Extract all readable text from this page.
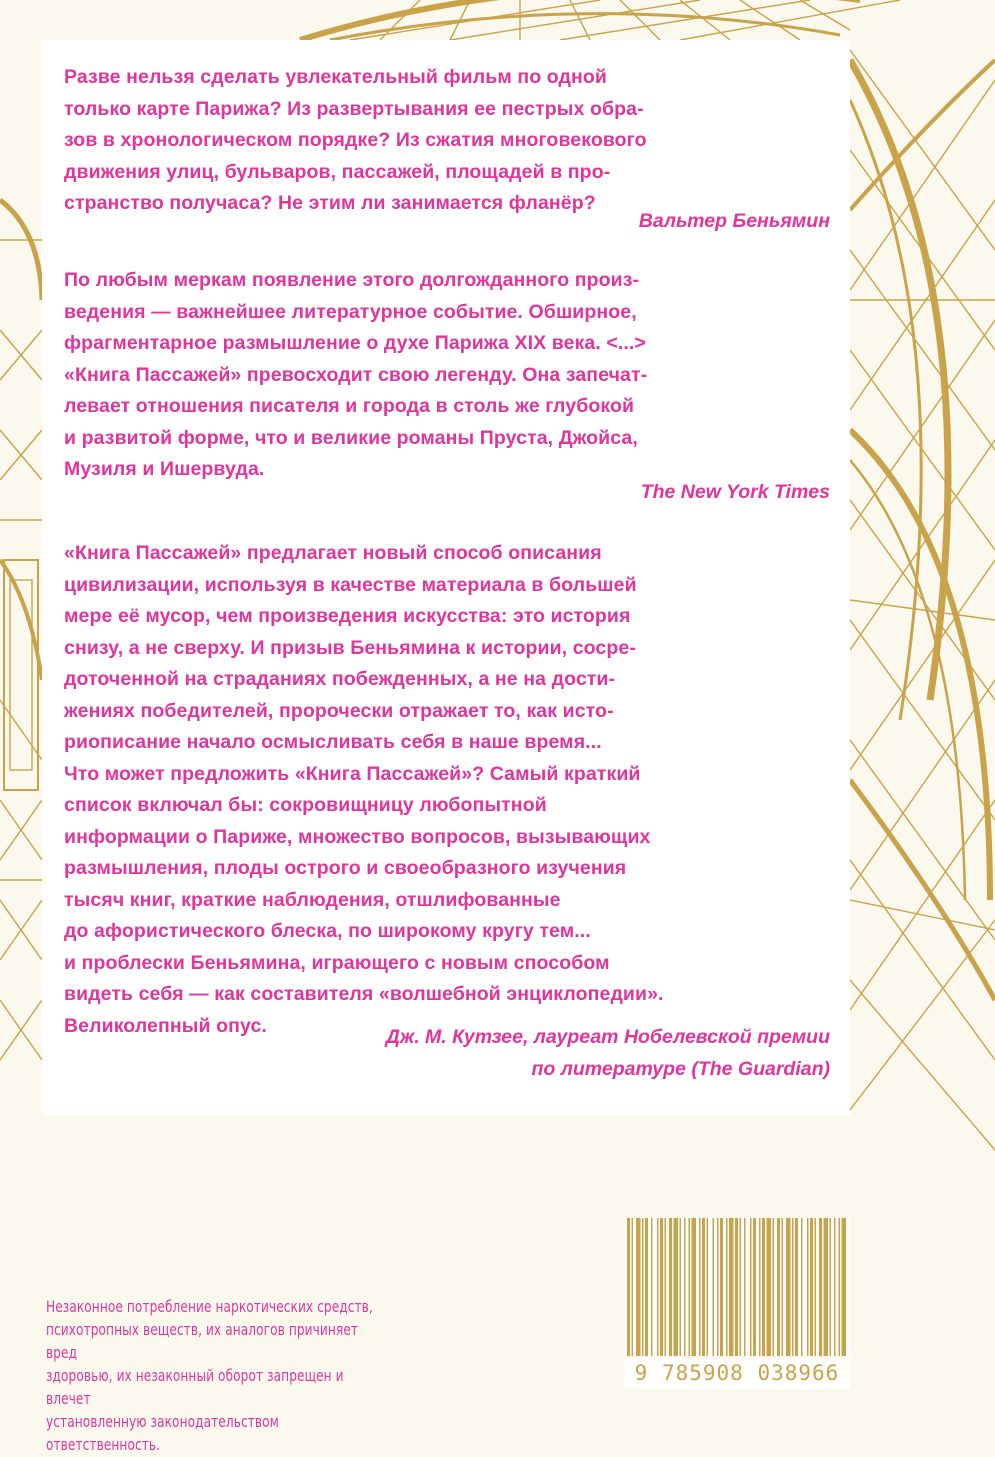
Разве нельзя сделать увлекательный фильм по одной
только карте Парижа? Из развертывания ее пестрых обра-
зов в хронологическом порядке? Из сжатия многовекового
движения улиц, бульваров, пассажей, площадей в про-
странство получаса? Не этим ли занимается фланёр?
Вальтер Беньямин
По любым меркам появление этого долгожданного произ-
ведения — важнейшее литературное событие. Обширное,
фрагментарное размышление о духе Парижа XIX века. <...>
«Книга Пассажей» превосходит свою легенду. Она запечат-
левает отношения писателя и города в столь же глубокой
и развитой форме, что и великие романы Пруста, Джойса,
Музиля и Ишервуда.
The New York Times
«Книга Пассажей» предлагает новый способ описания
цивилизации, используя в качестве материала в большей
мере её мусор, чем произведения искусства: это история
снизу, а не сверху. И призыв Беньямина к истории, сосре-
доточенной на страданиях побежденных, а не на дости-
жениях победителей, пророчески отражает то, как исто-
риописание начало осмысливать себя в наше время...
Что может предложить «Книга Пассажей»? Самый краткий
список включал бы: сокровищницу любопытной
информации о Париже, множество вопросов, вызывающих
размышления, плоды острого и своеобразного изучения
тысяч книг, краткие наблюдения, отшлифованные
до афористического блеска, по широкому кругу тем...
и проблески Беньямина, играющего с новым способом
видеть себя — как составителя «волшебной энциклопедии».
Великолепный опус.
Дж. М. Кутзее, лауреат Нобелевской премии
по литературе (The Guardian)
Незаконное потребление наркотических средств,
психотропных веществ, их аналогов причиняет вред
здоровью, их незаконный оборот запрещен и влечет
установленную законодательством ответственность.
9 785908 038966
